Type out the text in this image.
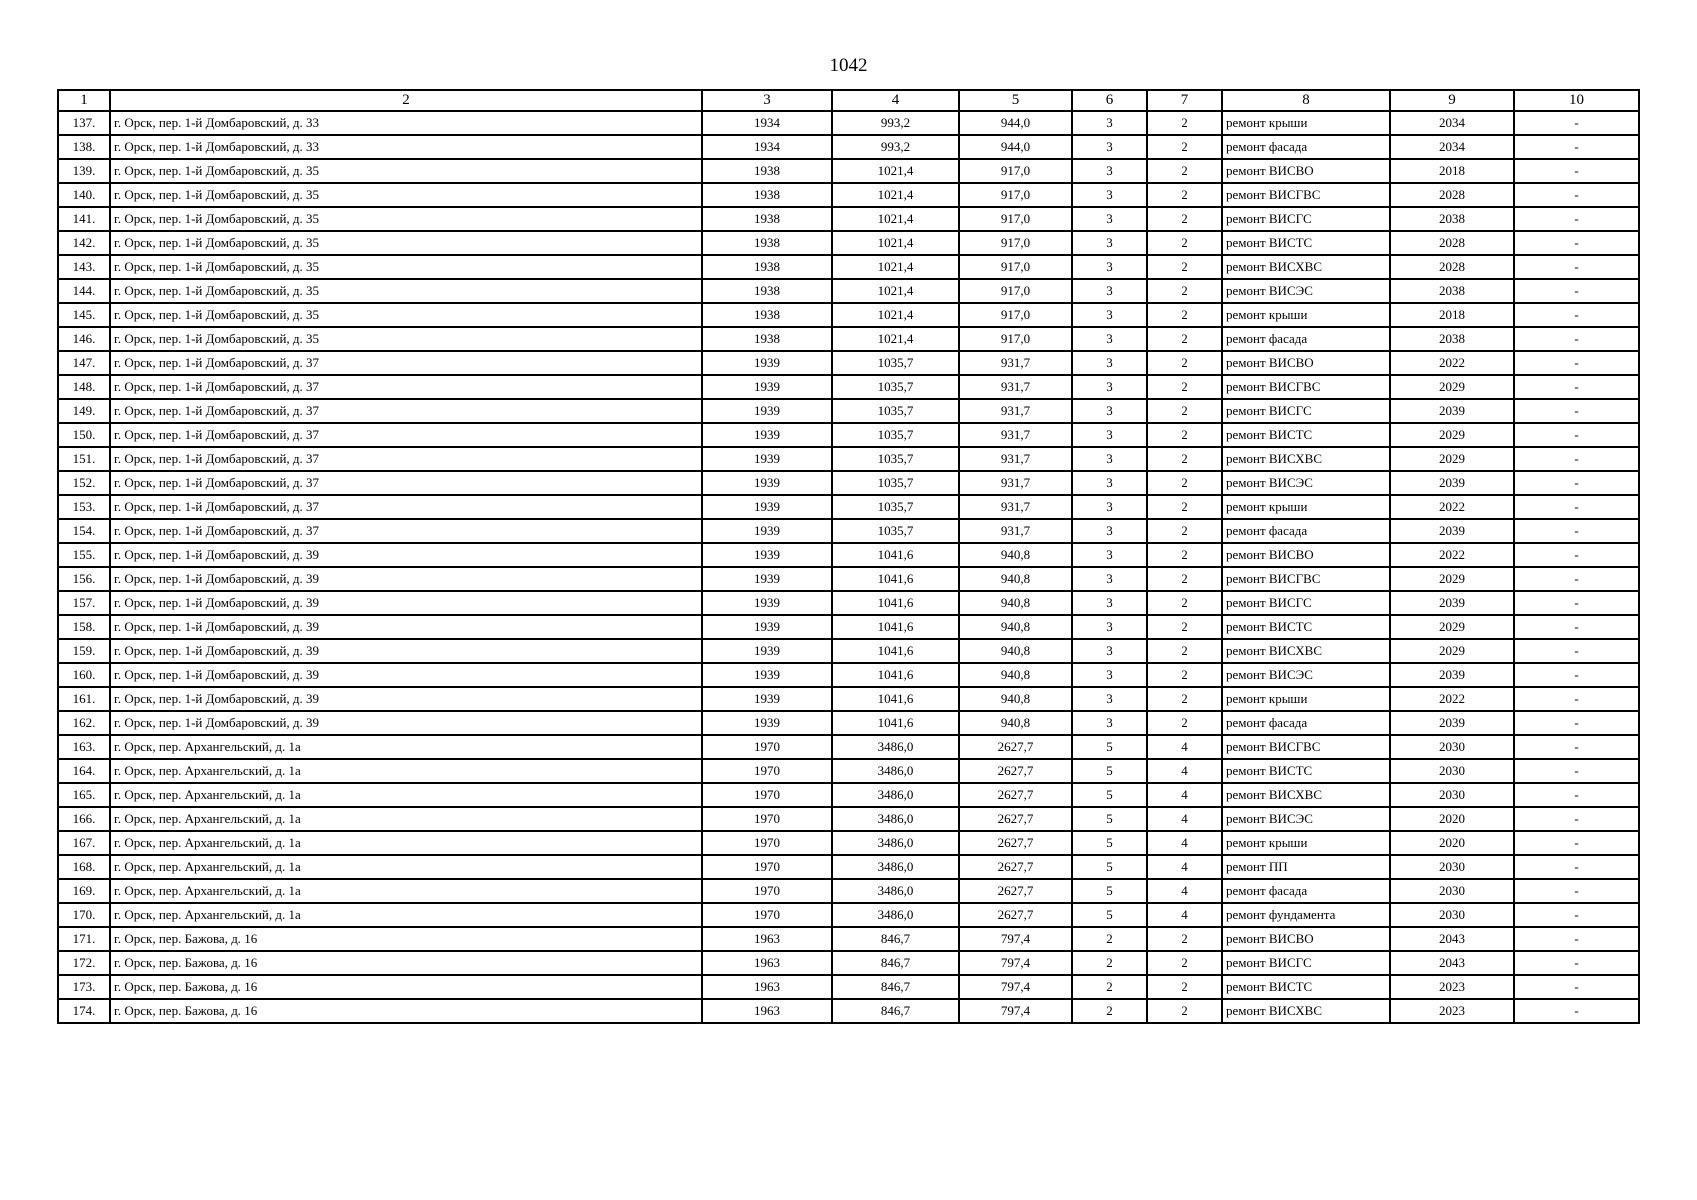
1042
1	2	3	4	5	6	7	8	9	10
137.	г. Орск, пер. 1-й Домбаровский, д. 33	1934	993,2	944,0	3	2	ремонт крыши	2034	-
138.	г. Орск, пер. 1-й Домбаровский, д. 33	1934	993,2	944,0	3	2	ремонт фасада	2034	-
139.	г. Орск, пер. 1-й Домбаровский, д. 35	1938	1021,4	917,0	3	2	ремонт ВИСВО	2018	-
140.	г. Орск, пер. 1-й Домбаровский, д. 35	1938	1021,4	917,0	3	2	ремонт ВИСГВС	2028	-
141.	г. Орск, пер. 1-й Домбаровский, д. 35	1938	1021,4	917,0	3	2	ремонт ВИСГС	2038	-
142.	г. Орск, пер. 1-й Домбаровский, д. 35	1938	1021,4	917,0	3	2	ремонт ВИСТС	2028	-
143.	г. Орск, пер. 1-й Домбаровский, д. 35	1938	1021,4	917,0	3	2	ремонт ВИСХВС	2028	-
144.	г. Орск, пер. 1-й Домбаровский, д. 35	1938	1021,4	917,0	3	2	ремонт ВИСЭС	2038	-
145.	г. Орск, пер. 1-й Домбаровский, д. 35	1938	1021,4	917,0	3	2	ремонт крыши	2018	-
146.	г. Орск, пер. 1-й Домбаровский, д. 35	1938	1021,4	917,0	3	2	ремонт фасада	2038	-
147.	г. Орск, пер. 1-й Домбаровский, д. 37	1939	1035,7	931,7	3	2	ремонт ВИСВО	2022	-
148.	г. Орск, пер. 1-й Домбаровский, д. 37	1939	1035,7	931,7	3	2	ремонт ВИСГВС	2029	-
149.	г. Орск, пер. 1-й Домбаровский, д. 37	1939	1035,7	931,7	3	2	ремонт ВИСГС	2039	-
150.	г. Орск, пер. 1-й Домбаровский, д. 37	1939	1035,7	931,7	3	2	ремонт ВИСТС	2029	-
151.	г. Орск, пер. 1-й Домбаровский, д. 37	1939	1035,7	931,7	3	2	ремонт ВИСХВС	2029	-
152.	г. Орск, пер. 1-й Домбаровский, д. 37	1939	1035,7	931,7	3	2	ремонт ВИСЭС	2039	-
153.	г. Орск, пер. 1-й Домбаровский, д. 37	1939	1035,7	931,7	3	2	ремонт крыши	2022	-
154.	г. Орск, пер. 1-й Домбаровский, д. 37	1939	1035,7	931,7	3	2	ремонт фасада	2039	-
155.	г. Орск, пер. 1-й Домбаровский, д. 39	1939	1041,6	940,8	3	2	ремонт ВИСВО	2022	-
156.	г. Орск, пер. 1-й Домбаровский, д. 39	1939	1041,6	940,8	3	2	ремонт ВИСГВС	2029	-
157.	г. Орск, пер. 1-й Домбаровский, д. 39	1939	1041,6	940,8	3	2	ремонт ВИСГС	2039	-
158.	г. Орск, пер. 1-й Домбаровский, д. 39	1939	1041,6	940,8	3	2	ремонт ВИСТС	2029	-
159.	г. Орск, пер. 1-й Домбаровский, д. 39	1939	1041,6	940,8	3	2	ремонт ВИСХВС	2029	-
160.	г. Орск, пер. 1-й Домбаровский, д. 39	1939	1041,6	940,8	3	2	ремонт ВИСЭС	2039	-
161.	г. Орск, пер. 1-й Домбаровский, д. 39	1939	1041,6	940,8	3	2	ремонт крыши	2022	-
162.	г. Орск, пер. 1-й Домбаровский, д. 39	1939	1041,6	940,8	3	2	ремонт фасада	2039	-
163.	г. Орск, пер. Архангельский, д. 1а	1970	3486,0	2627,7	5	4	ремонт ВИСГВС	2030	-
164.	г. Орск, пер. Архангельский, д. 1а	1970	3486,0	2627,7	5	4	ремонт ВИСТС	2030	-
165.	г. Орск, пер. Архангельский, д. 1а	1970	3486,0	2627,7	5	4	ремонт ВИСХВС	2030	-
166.	г. Орск, пер. Архангельский, д. 1а	1970	3486,0	2627,7	5	4	ремонт ВИСЭС	2020	-
167.	г. Орск, пер. Архангельский, д. 1а	1970	3486,0	2627,7	5	4	ремонт крыши	2020	-
168.	г. Орск, пер. Архангельский, д. 1а	1970	3486,0	2627,7	5	4	ремонт ПП	2030	-
169.	г. Орск, пер. Архангельский, д. 1а	1970	3486,0	2627,7	5	4	ремонт фасада	2030	-
170.	г. Орск, пер. Архангельский, д. 1а	1970	3486,0	2627,7	5	4	ремонт фундамента	2030	-
171.	г. Орск, пер. Бажова, д. 16	1963	846,7	797,4	2	2	ремонт ВИСВО	2043	-
172.	г. Орск, пер. Бажова, д. 16	1963	846,7	797,4	2	2	ремонт ВИСГС	2043	-
173.	г. Орск, пер. Бажова, д. 16	1963	846,7	797,4	2	2	ремонт ВИСТС	2023	-
174.	г. Орск, пер. Бажова, д. 16	1963	846,7	797,4	2	2	ремонт ВИСХВС	2023	-
